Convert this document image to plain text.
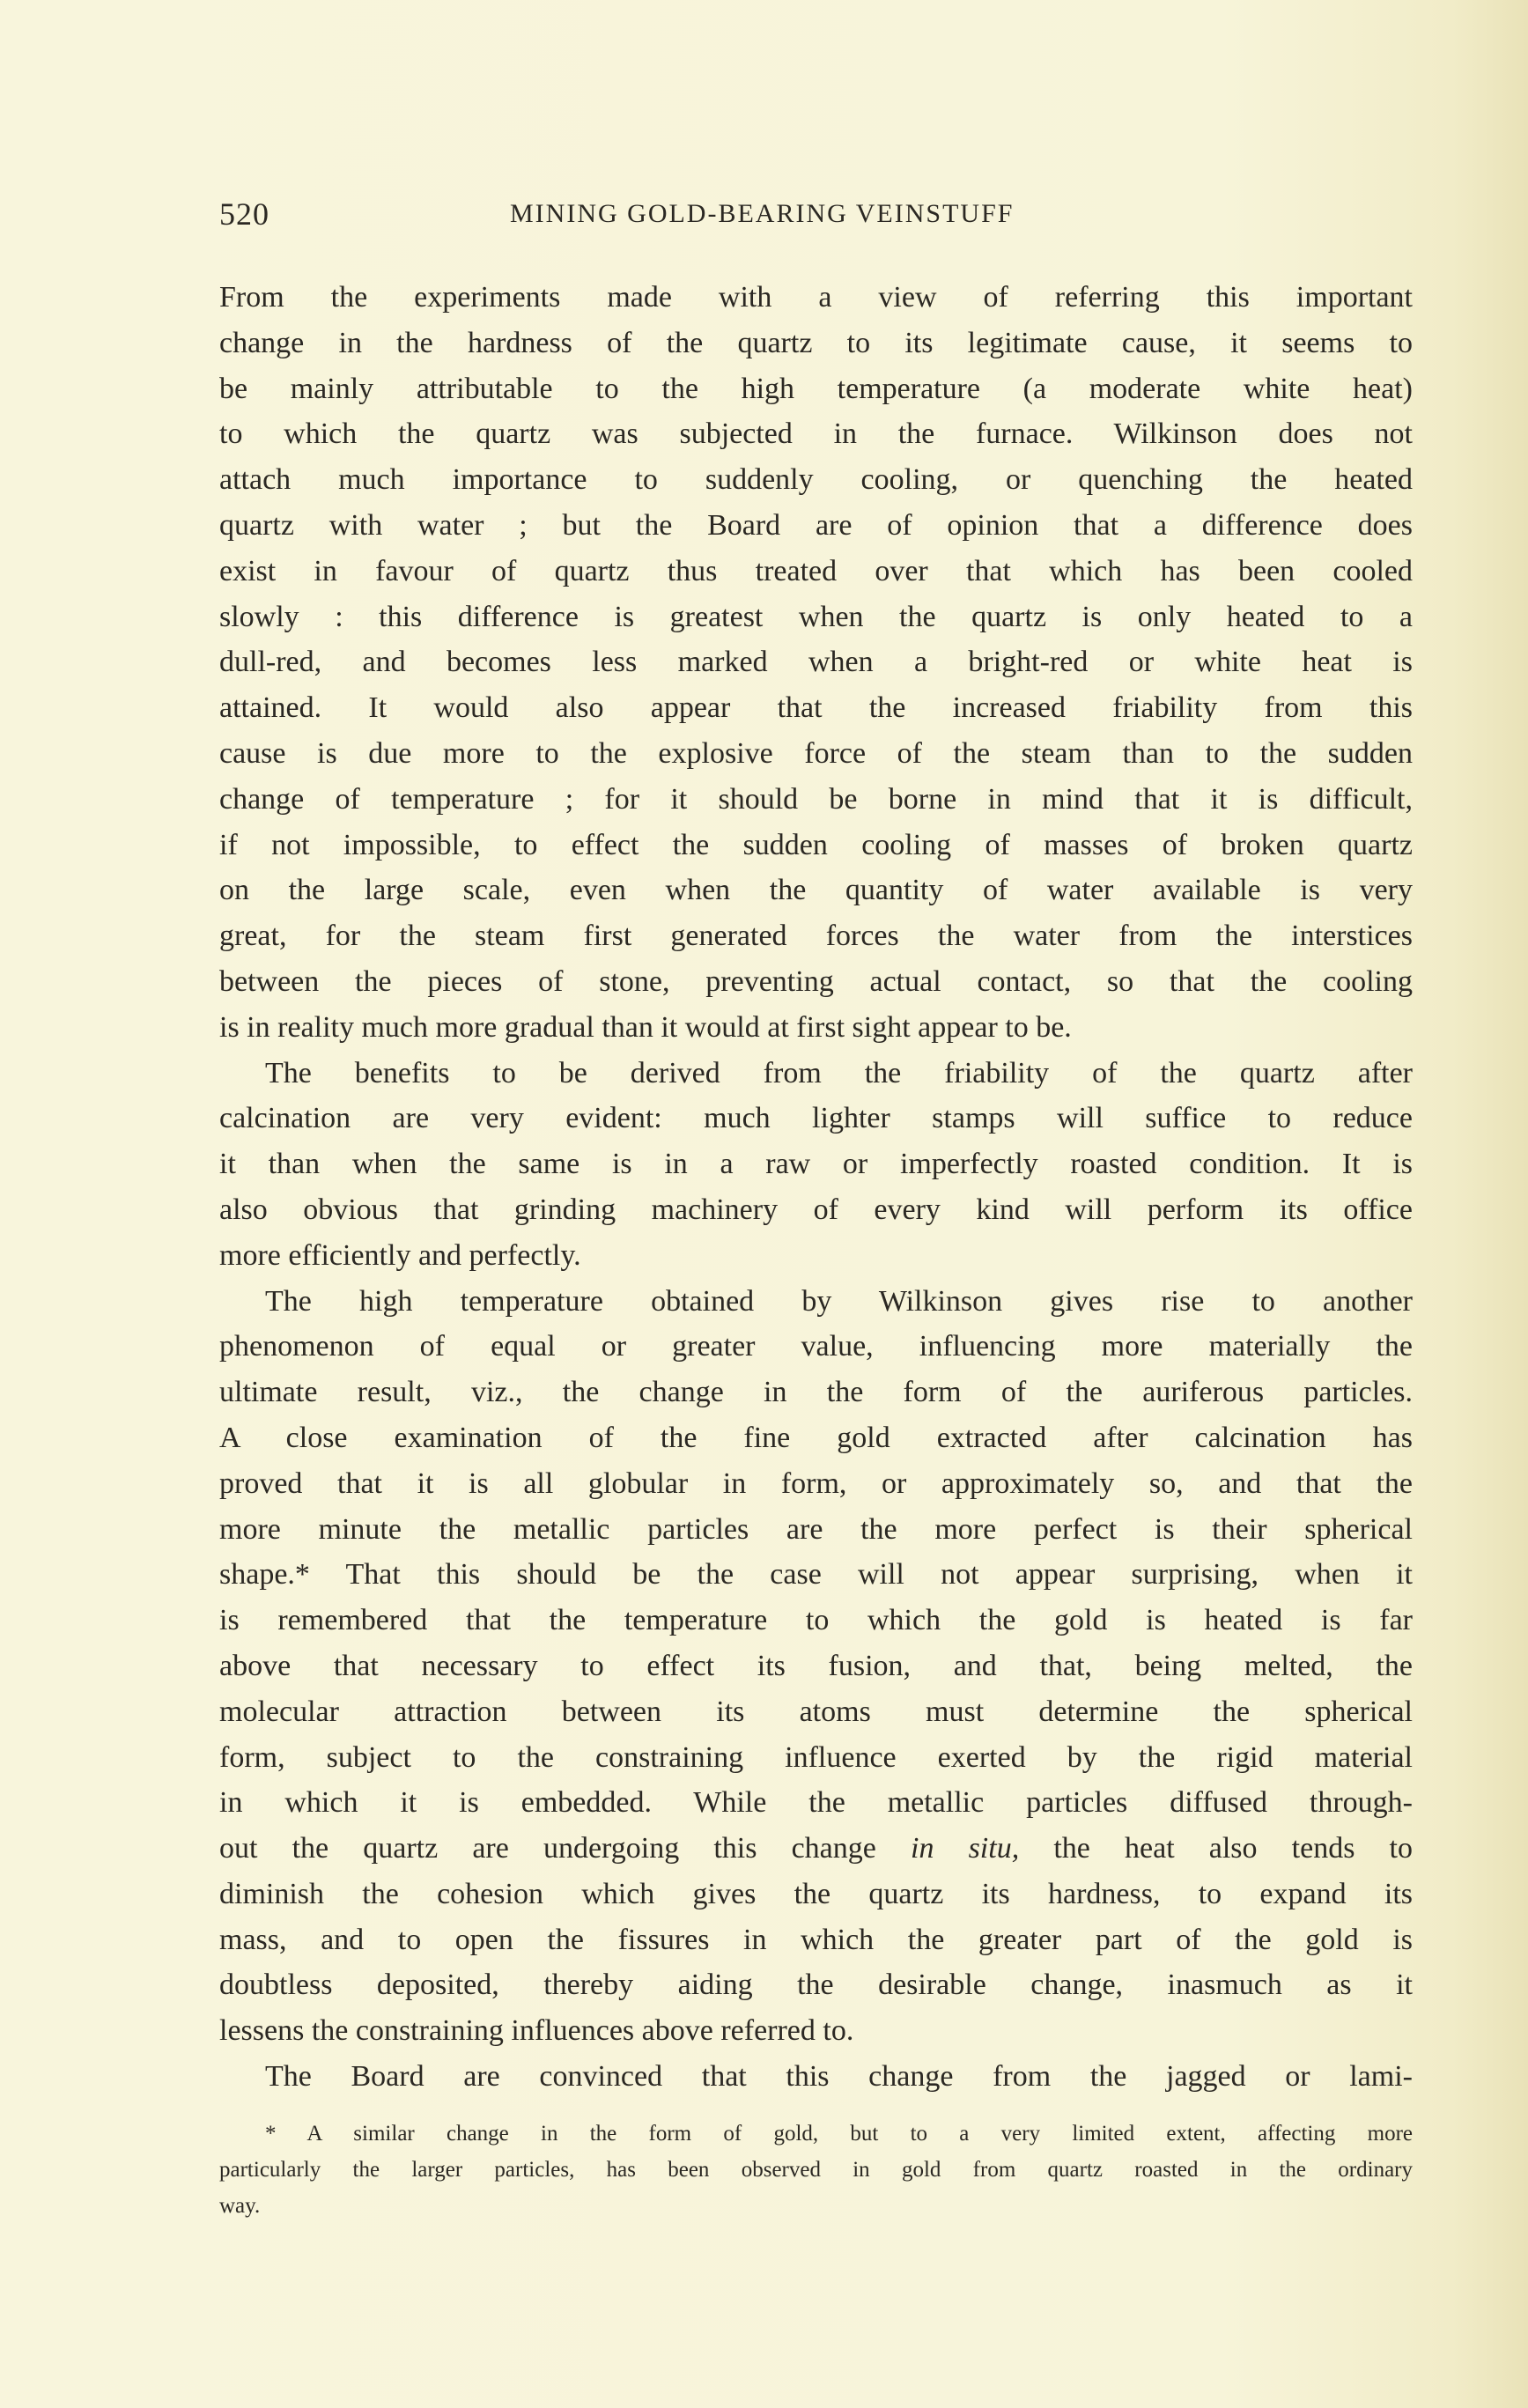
520	MINING GOLD-BEARING VEINSTUFF
From the experiments made with a view of referring this important
change in the hardness of the quartz to its legitimate cause, it seems to
be mainly attributable to the high temperature (a moderate white heat)
to which the quartz was subjected in the furnace. Wilkinson does not
attach much importance to suddenly cooling, or quenching the heated
quartz with water ; but the Board are of opinion that a difference does
exist in favour of quartz thus treated over that which has been cooled
slowly : this difference is greatest when the quartz is only heated to a
dull-red, and becomes less marked when a bright-red or white heat is
attained. It would also appear that the increased friability from this
cause is due more to the explosive force of the steam than to the sudden
change of temperature ; for it should be borne in mind that it is difficult,
if not impossible, to effect the sudden cooling of masses of broken quartz
on the large scale, even when the quantity of water available is very
great, for the steam first generated forces the water from the interstices
between the pieces of stone, preventing actual contact, so that the cooling
is in reality much more gradual than it would at first sight appear to be.
The benefits to be derived from the friability of the quartz after
calcination are very evident: much lighter stamps will suffice to reduce
it than when the same is in a raw or imperfectly roasted condition. It is
also obvious that grinding machinery of every kind will perform its office
more efficiently and perfectly.
The high temperature obtained by Wilkinson gives rise to another
phenomenon of equal or greater value, influencing more materially the
ultimate result, viz., the change in the form of the auriferous particles.
A close examination of the fine gold extracted after calcination has
proved that it is all globular in form, or approximately so, and that the
more minute the metallic particles are the more perfect is their spherical
shape.* That this should be the case will not appear surprising, when it
is remembered that the temperature to which the gold is heated is far
above that necessary to effect its fusion, and that, being melted, the
molecular attraction between its atoms must determine the spherical
form, subject to the constraining influence exerted by the rigid material
in which it is embedded. While the metallic particles diffused through-
out the quartz are undergoing this change in situ, the heat also tends to
diminish the cohesion which gives the quartz its hardness, to expand its
mass, and to open the fissures in which the greater part of the gold is
doubtless deposited, thereby aiding the desirable change, inasmuch as it
lessens the constraining influences above referred to.
The Board are convinced that this change from the jagged or lami-
* A similar change in the form of gold, but to a very limited extent, affecting more
particularly the larger particles, has been observed in gold from quartz roasted in the ordinary
way.
